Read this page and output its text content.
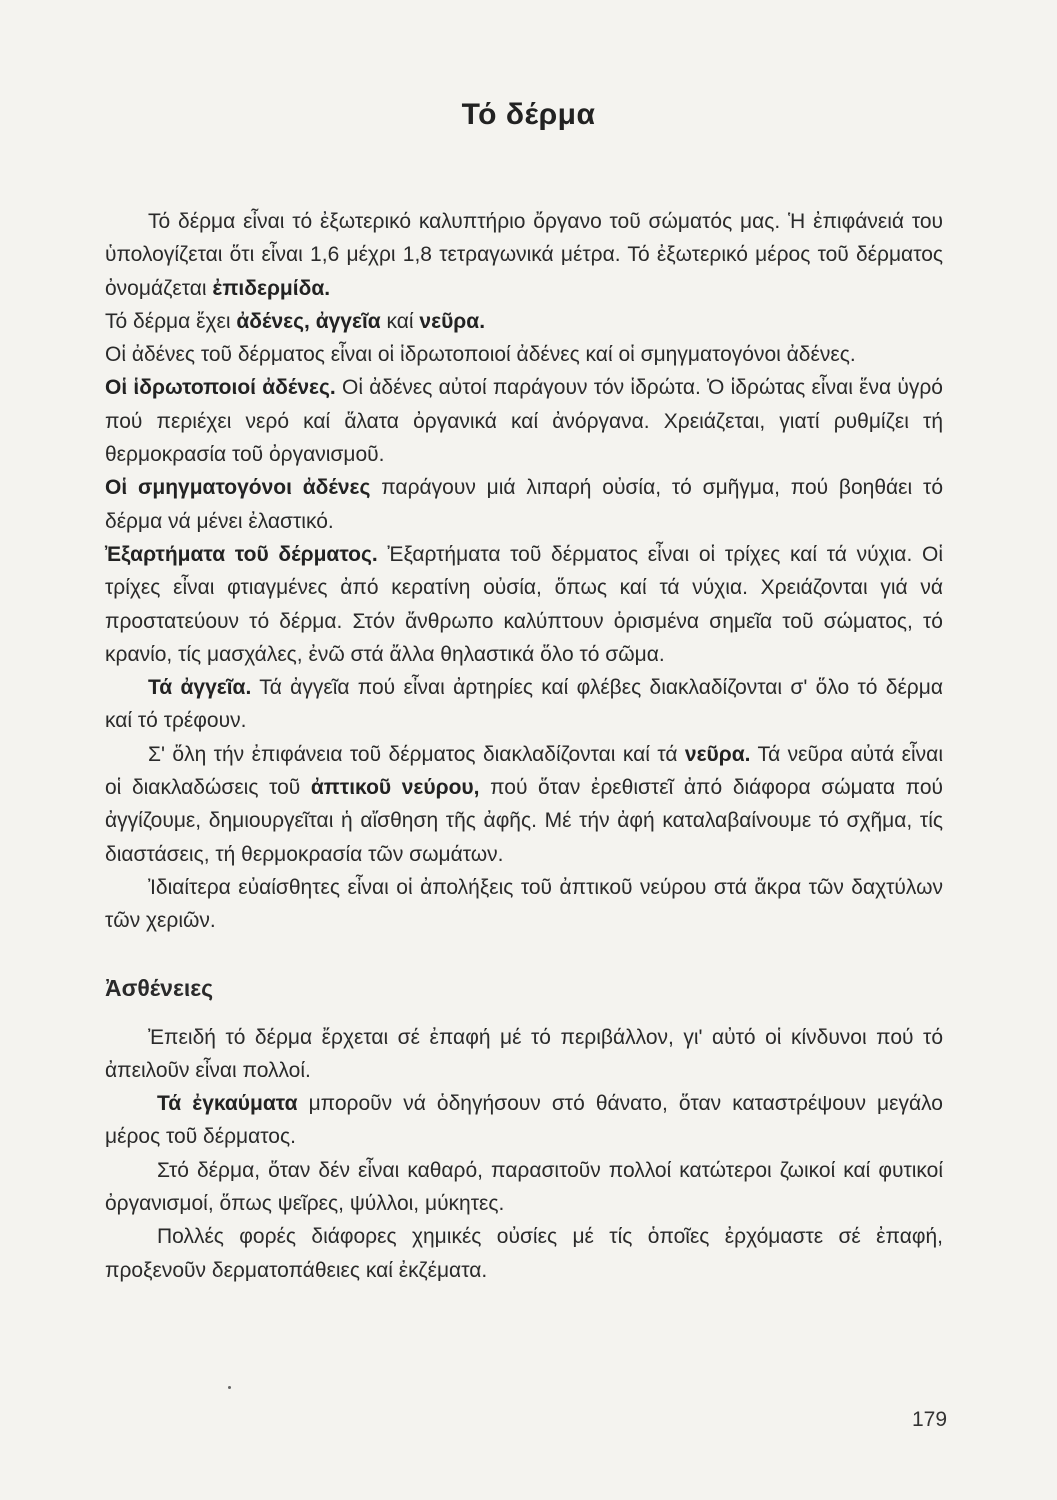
Τό δέρμα

Τό δέρμα εἶναι τό ἐξωτερικό καλυπτήριο ὄργανο τοῦ σώματός μας. Ἡ ἐπιφάνειά του ὑπολογίζεται ὅτι εἶναι 1,6 μέχρι 1,8 τετραγωνικά μέτρα. Τό ἐξωτερικό μέρος τοῦ δέρματος ὀνομάζεται ἐπιδερμίδα.

Τό δέρμα ἔχει ἀδένες, ἀγγεῖα καί νεῦρα.

Οἱ ἀδένες τοῦ δέρματος εἶναι οἱ ἱδρωτοποιοί ἀδένες καί οἱ σμηγματογόνοι ἀδένες.

Οἱ ἱδρωτοποιοί ἀδένες. Οἱ ἀδένες αὐτοί παράγουν τόν ἱδρώτα. Ὁ ἱδρώτας εἶναι ἕνα ὑγρό πού περιέχει νερό καί ἅλατα ὀργανικά καί ἀνόργανα. Χρειάζεται, γιατί ρυθμίζει τή θερμοκρασία τοῦ ὀργανισμοῦ.

Οἱ σμηγματογόνοι ἀδένες παράγουν μιά λιπαρή οὐσία, τό σμῆγμα, πού βοηθάει τό δέρμα νά μένει ἐλαστικό.

Ἐξαρτήματα τοῦ δέρματος. Ἐξαρτήματα τοῦ δέρματος εἶναι οἱ τρίχες καί τά νύχια. Οἱ τρίχες εἶναι φτιαγμένες ἀπό κερατίνη οὐσία, ὅπως καί τά νύχια. Χρειάζονται γιά νά προστατεύουν τό δέρμα. Στόν ἄνθρωπο καλύπτουν ὁρισμένα σημεῖα τοῦ σώματος, τό κρανίο, τίς μασχάλες, ἐνῶ στά ἄλλα θηλαστικά ὅλο τό σῶμα.

Τά ἀγγεῖα. Τά ἀγγεῖα πού εἶναι ἀρτηρίες καί φλέβες διακλαδίζονται σ' ὅλο τό δέρμα καί τό τρέφουν.

Σ' ὅλη τήν ἐπιφάνεια τοῦ δέρματος διακλαδίζονται καί τά νεῦρα. Τά νεῦρα αὐτά εἶναι οἱ διακλαδώσεις τοῦ ἀπτικοῦ νεύρου, πού ὅταν ἐρεθιστεῖ ἀπό διάφορα σώματα πού ἀγγίζουμε, δημιουργεῖται ἡ αἴσθηση τῆς ἀφῆς. Μέ τήν ἀφή καταλαβαίνουμε τό σχῆμα, τίς διαστάσεις, τή θερμοκρασία τῶν σωμάτων.

Ἰδιαίτερα εὐαίσθητες εἶναι οἱ ἀπολήξεις τοῦ ἀπτικοῦ νεύρου στά ἄκρα τῶν δαχτύλων τῶν χεριῶν.

Ἀσθένειες

Ἐπειδή τό δέρμα ἔρχεται σέ ἐπαφή μέ τό περιβάλλον, γι' αὐτό οἱ κίνδυνοι πού τό ἀπειλοῦν εἶναι πολλοί.

Τά ἐγκαύματα μποροῦν νά ὁδηγήσουν στό θάνατο, ὅταν καταστρέψουν μεγάλο μέρος τοῦ δέρματος.

Στό δέρμα, ὅταν δέν εἶναι καθαρό, παρασιτοῦν πολλοί κατώτεροι ζωικοί καί φυτικοί ὀργανισμοί, ὅπως ψεῖρες, ψύλλοι, μύκητες.

Πολλές φορές διάφορες χημικές οὐσίες μέ τίς ὁποῖες ἐρχόμαστε σέ ἐπαφή, προξενοῦν δερματοπάθειες καί ἐκζέματα.

179
